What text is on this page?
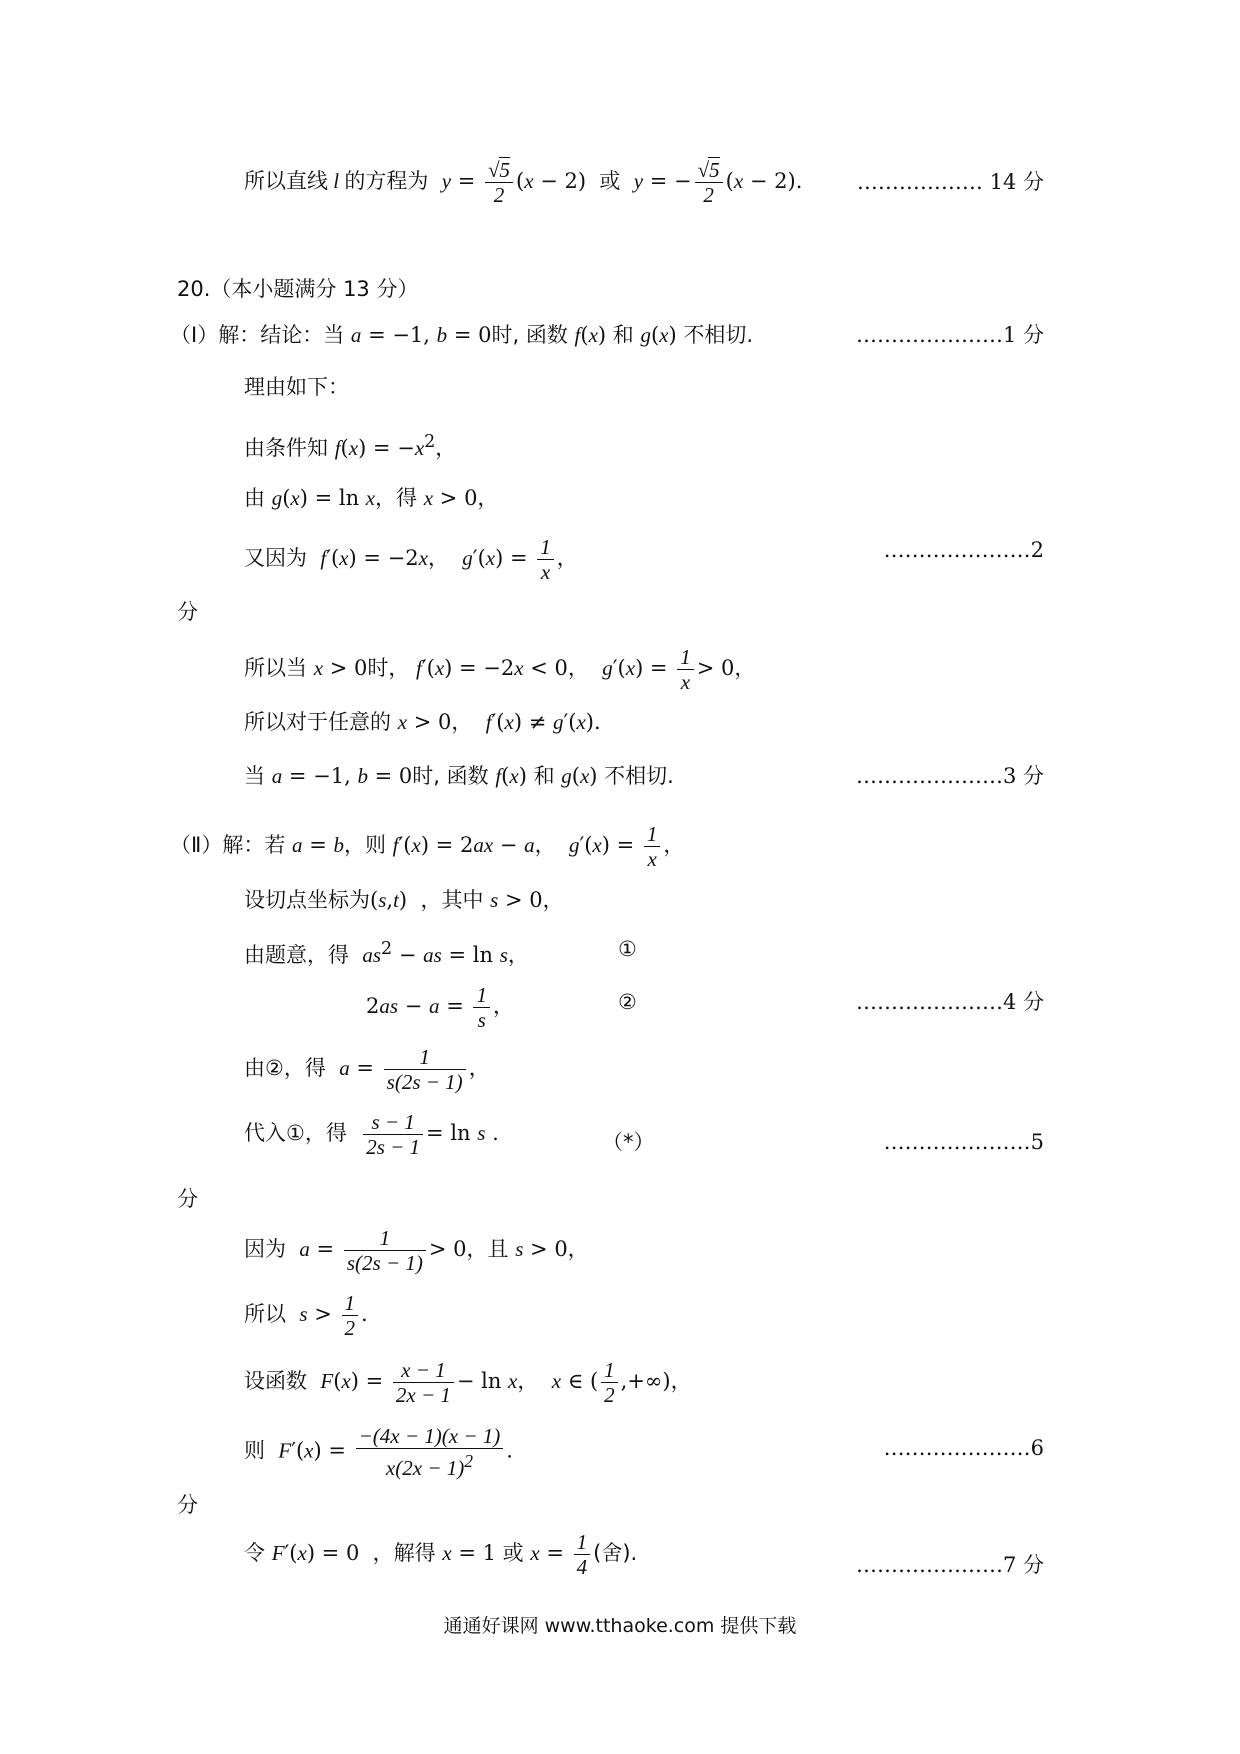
所以直线 l 的方程为 $y = \frac{√5}{2} (x - 2)$  或 y = − $\frac{√5}{2} (x - 2)$.	……………… 14 分
20.（本小题满分 13 分）
（Ⅰ）解：结论：当 a = −1, b = 0时, 函数 f(x) 和 g(x) 不相切.	…………………1 分
理由如下：
由条件知 $f(x) = -x^2$，
由 g(x) = ln x，得 x > 0，
又因为 f′(x) = −2x，  $g'(x) = \frac{1}{x}$ ，	…………………2
分
所以当 x > 0时， f′(x) = −2x < 0，  $g'(x) = \frac{1}{x} > 0$，
所以对于任意的 x > 0，  f′(x) ≠ g′(x).
当 a = −1, b = 0时, 函数 f(x) 和 g(x) 不相切.	…………………3 分
（Ⅱ）解：若 a = b，则 f′(x) = 2ax − a，  $g'(x) = \frac{1}{x}$ ，
设切点坐标为(s,t)  ，其中 s > 0，
由题意，得 $as^2$ − as = ln s，	①
$2as - a = \frac{1}{s}$ ，	②	…………………4 分
由②，得 $a = \frac{1}{s(2s - 1)}$ ，
代入①，得 $\frac{s - 1}{2s - 1} = \ln s$ .	（*）	…………………5
分
因为 $a = \frac{1}{s(2s - 1)} > 0$，且 s > 0，
所以 $s > \frac{1}{2}$ .
设函数 $F(x) = \frac{x - 1}{2x - 1} - \ln x$，  x ∈ ( $\frac{1}{2}$ ,+∞)，
则 $F'(x) = \frac{-(4x - 1)(x - 1)}{x(2x - 1)^2}$ .	…………………6
分
令 F′(x) = 0  ，解得 x = 1 或 $x = \frac{1}{4}$ (舍).	…………………7 分
通通好课网 www.tthaoke.com 提供下载
